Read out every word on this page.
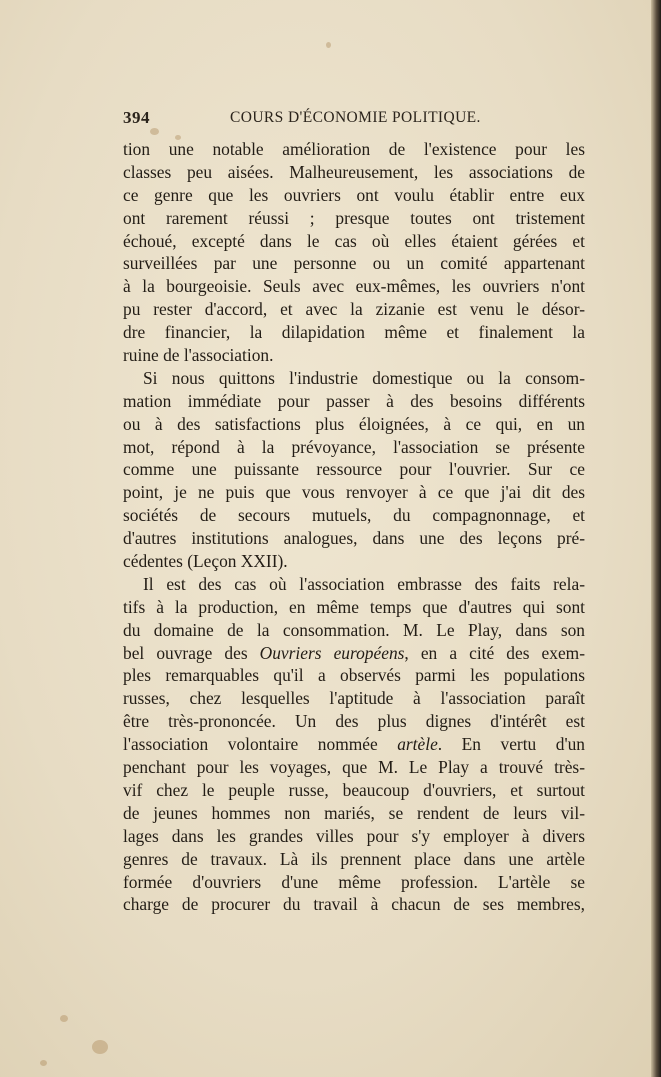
394	COURS D'ÉCONOMIE POLITIQUE.
tion une notable amélioration de l'existence pour les
classes peu aisées. Malheureusement, les associations de
ce genre que les ouvriers ont voulu établir entre eux
ont rarement réussi ; presque toutes ont tristement
échoué, excepté dans le cas où elles étaient gérées et
surveillées par une personne ou un comité appartenant
à la bourgeoisie. Seuls avec eux-mêmes, les ouvriers n'ont
pu rester d'accord, et avec la zizanie est venu le désor-
dre financier, la dilapidation même et finalement la
ruine de l'association.
Si nous quittons l'industrie domestique ou la consom-
mation immédiate pour passer à des besoins différents
ou à des satisfactions plus éloignées, à ce qui, en un
mot, répond à la prévoyance, l'association se présente
comme une puissante ressource pour l'ouvrier. Sur ce
point, je ne puis que vous renvoyer à ce que j'ai dit des
sociétés de secours mutuels, du compagnonnage, et
d'autres institutions analogues, dans une des leçons pré-
cédentes (Leçon XXII).
Il est des cas où l'association embrasse des faits rela-
tifs à la production, en même temps que d'autres qui sont
du domaine de la consommation. M. Le Play, dans son
bel ouvrage des Ouvriers européens, en a cité des exem-
ples remarquables qu'il a observés parmi les populations
russes, chez lesquelles l'aptitude à l'association paraît
être très-prononcée. Un des plus dignes d'intérêt est
l'association volontaire nommée artèle. En vertu d'un
penchant pour les voyages, que M. Le Play a trouvé très-
vif chez le peuple russe, beaucoup d'ouvriers, et surtout
de jeunes hommes non mariés, se rendent de leurs vil-
lages dans les grandes villes pour s'y employer à divers
genres de travaux. Là ils prennent place dans une artèle
formée d'ouvriers d'une même profession. L'artèle se
charge de procurer du travail à chacun de ses membres,
